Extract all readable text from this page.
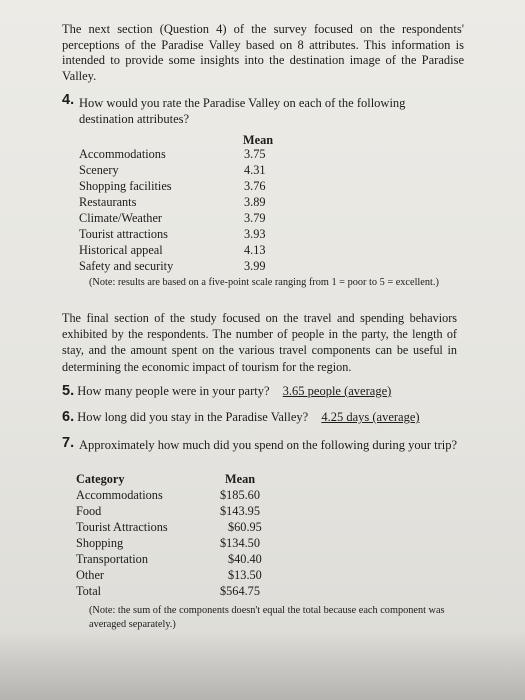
The next section (Question 4) of the survey focused on the respondents' perceptions of the Paradise Valley based on 8 attributes. This information is intended to provide some insights into the destination image of the Paradise Valley.
4. How would you rate the Paradise Valley on each of the following destination attributes?
Mean
Accommodations	3.75
Scenery	4.31
Shopping facilities	3.76
Restaurants	3.89
Climate/Weather	3.79
Tourist attractions	3.93
Historical appeal	4.13
Safety and security	3.99
(Note: results are based on a five-point scale ranging from 1 = poor to 5 = excellent.)
The final section of the study focused on the travel and spending behaviors exhibited by the respondents. The number of people in the party, the length of stay, and the amount spent on the various travel components can be useful in determining the economic impact of tourism for the region.
5. How many people were in your party? 3.65 people (average)
6. How long did you stay in the Paradise Valley? 4.25 days (average)
7. Approximately how much did you spend on the following during your trip?
Category	Mean
Accommodations	$185.60
Food	$143.95
Tourist Attractions	$60.95
Shopping	$134.50
Transportation	$40.40
Other	$13.50
Total	$564.75
(Note: the sum of the components doesn't equal the total because each component was averaged separately.)
